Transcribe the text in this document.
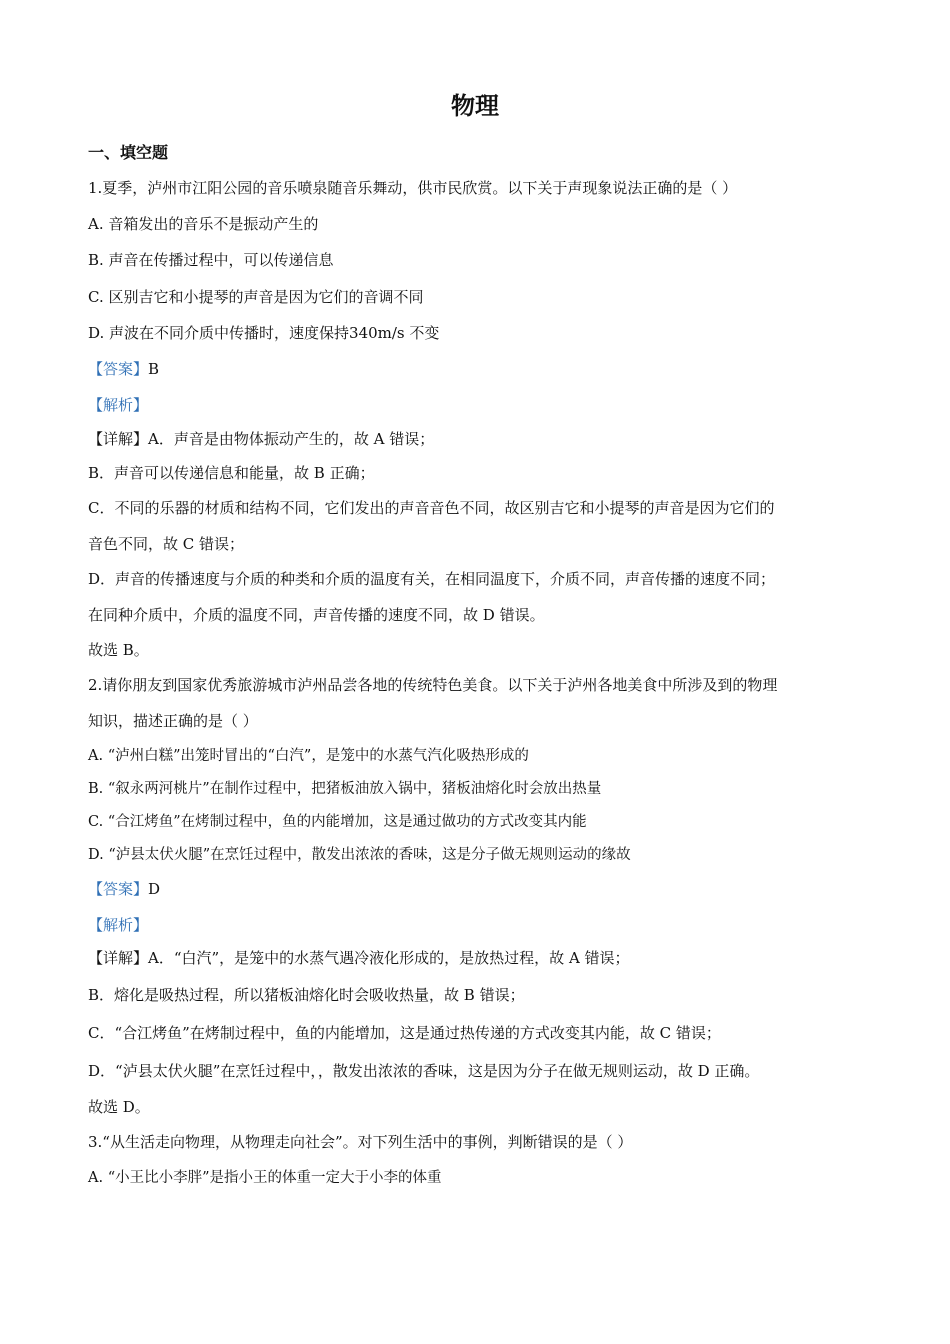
物理
一、填空题
1.夏季，泸州市江阳公园的音乐喷泉随音乐舞动，供市民欣赏。以下关于声现象说法正确的是（ ）
A. 音箱发出的音乐不是振动产生的
B. 声音在传播过程中，可以传递信息
C. 区别吉它和小提琴的声音是因为它们的音调不同
D. 声波在不同介质中传播时，速度保持340m/s 不变
【答案】B
【解析】
【详解】A．声音是由物体振动产生的，故 A 错误；
B．声音可以传递信息和能量，故 B 正确；
C．不同的乐器的材质和结构不同，它们发出的声音音色不同，故区别吉它和小提琴的声音是因为它们的
音色不同，故 C 错误；
D．声音的传播速度与介质的种类和介质的温度有关，在相同温度下，介质不同，声音传播的速度不同；
在同种介质中，介质的温度不同，声音传播的速度不同，故 D 错误。
故选 B。
2.请你朋友到国家优秀旅游城市泸州品尝各地的传统特色美食。以下关于泸州各地美食中所涉及到的物理
知识，描述正确的是（ ）
A. “泸州白糕”出笼时冒出的“白汽”，是笼中的水蒸气汽化吸热形成的
B. “叙永两河桃片”在制作过程中，把猪板油放入锅中，猪板油熔化时会放出热量
C. “合江烤鱼”在烤制过程中，鱼的内能增加，这是通过做功的方式改变其内能
D. “泸县太伏火腿”在烹饪过程中，散发出浓浓的香味，这是分子做无规则运动的缘故
【答案】D
【解析】
【详解】A．“白汽”，是笼中的水蒸气遇冷液化形成的，是放热过程，故 A 错误；
B．熔化是吸热过程，所以猪板油熔化时会吸收热量，故 B 错误；
C．“合江烤鱼”在烤制过程中，鱼的内能增加，这是通过热传递的方式改变其内能，故 C 错误；
D．“泸县太伏火腿”在烹饪过程中，，散发出浓浓的香味，这是因为分子在做无规则运动，故 D 正确。
故选 D。
3.“从生活走向物理，从物理走向社会”。对下列生活中的事例，判断错误的是（ ）
A. “小王比小李胖”是指小王的体重一定大于小李的体重
